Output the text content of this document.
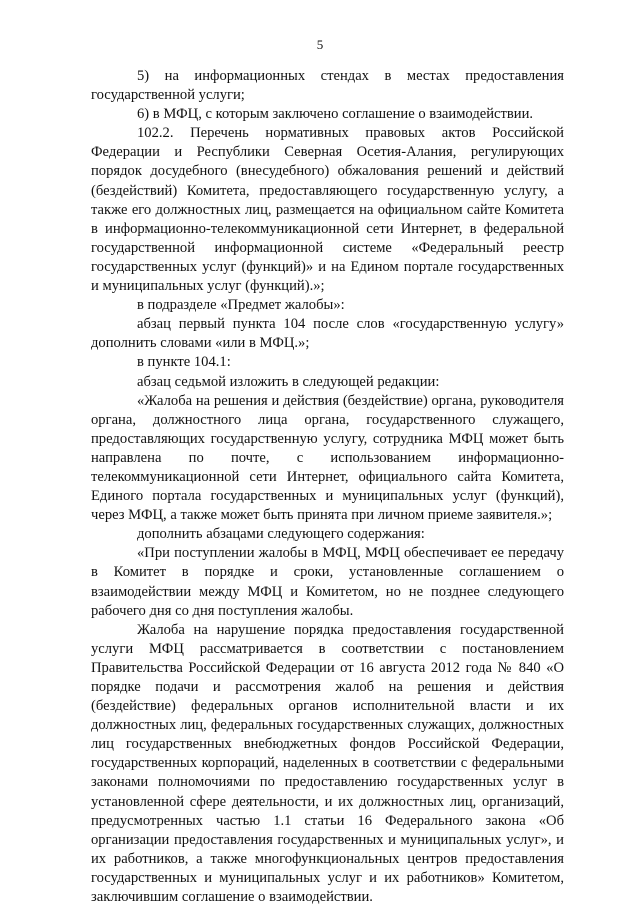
5

5) на информационных стендах в местах предоставления государственной услуги;

6) в МФЦ, с которым заключено соглашение о взаимодействии.

102.2. Перечень нормативных правовых актов Российской Федерации и Республики Северная Осетия-Алания, регулирующих порядок досудебного (внесудебного) обжалования решений и действий (бездействий) Комитета, предоставляющего государственную услугу, а также его должностных лиц, размещается на официальном сайте Комитета в информационно-телекоммуникационной сети Интернет, в федеральной государственной информационной системе «Федеральный реестр государственных услуг (функций)» и на Едином портале государственных и муниципальных услуг (функций).»;

в подразделе «Предмет жалобы»:

абзац первый пункта 104 после слов «государственную услугу» дополнить словами «или в МФЦ.»;

в пункте 104.1:

абзац седьмой изложить в следующей редакции:

«Жалоба на решения и действия (бездействие) органа, руководителя органа, должностного лица органа, государственного служащего, предоставляющих государственную услугу, сотрудника МФЦ может быть направлена по почте, с использованием информационно-телекоммуникационной сети Интернет, официального сайта Комитета, Единого портала государственных и муниципальных услуг (функций), через МФЦ, а также может быть принята при личном приеме заявителя.»;

дополнить абзацами следующего содержания:

«При поступлении жалобы в МФЦ, МФЦ обеспечивает ее передачу в Комитет в порядке и сроки, установленные соглашением о взаимодействии между МФЦ и Комитетом, но не позднее следующего рабочего дня со дня поступления жалобы.

Жалоба на нарушение порядка предоставления государственной услуги МФЦ рассматривается в соответствии с постановлением Правительства Российской Федерации от 16 августа 2012 года № 840 «О порядке подачи и рассмотрения жалоб на решения и действия (бездействие) федеральных органов исполнительной власти и их должностных лиц, федеральных государственных служащих, должностных лиц государственных внебюджетных фондов Российской Федерации, государственных корпораций, наделенных в соответствии с федеральными законами полномочиями по предоставлению государственных услуг в установленной сфере деятельности, и их должностных лиц, организаций, предусмотренных частью 1.1 статьи 16 Федерального закона «Об организации предоставления государственных и муниципальных услуг», и их работников, а также многофункциональных центров предоставления государственных и муниципальных услуг и их работников» Комитетом, заключившим соглашение о взаимодействии.
